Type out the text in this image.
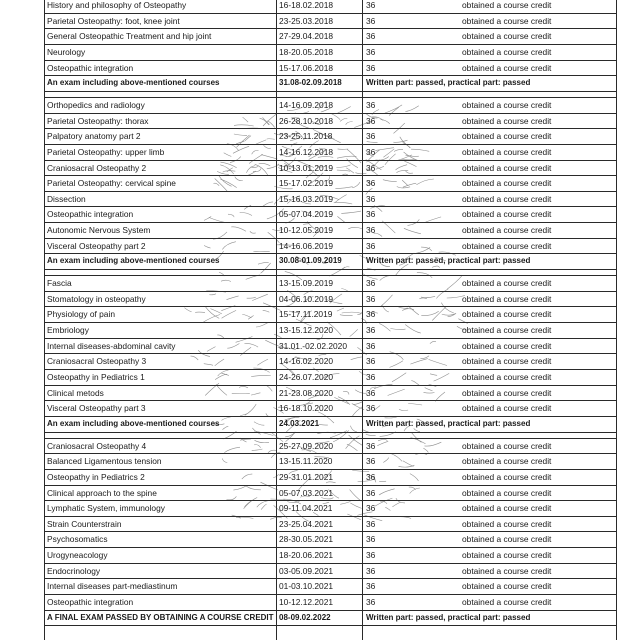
History and philosophy of Osteopathy	16-18.02.2018	36	obtained a course credit
Parietal Osteopathy: foot, knee joint	23-25.03.2018	36	obtained a course credit
General Osteopathic Treatment and hip joint	27-29.04.2018	36	obtained a course credit
Neurology	18-20.05.2018	36	obtained a course credit
Osteopathic integration	15-17.06.2018	36	obtained a course credit
An exam including above-mentioned courses	31.08-02.09.2018	Written part: passed, practical part: passed
Orthopedics and radiology	14-16.09.2018	36	obtained a course credit
Parietal Osteopathy: thorax	26-28.10.2018	36	obtained a course credit
Palpatory anatomy part 2	23-25.11.2018	36	obtained a course credit
Parietal Osteopathy: upper limb	14-16.12.2018	36	obtained a course credit
Craniosacral Osteopathy 2	10-13.01.2019	36	obtained a course credit
Parietal Osteopathy: cervical spine	15-17.02.2019	36	obtained a course credit
Dissection	15-16.03.2019	36	obtained a course credit
Osteopathic integration	05-07.04.2019	36	obtained a course credit
Autonomic Nervous System	10-12.05.2019	36	obtained a course credit
Visceral Osteopathy part 2	14-16.06.2019	36	obtained a course credit
An exam including above-mentioned courses	30.08-01.09.2019	Written part: passed, practical part: passed
Fascia	13-15.09.2019	36	obtained a course credit
Stomatology in osteopathy	04-06.10.2019	36	obtained a course credit
Physiology of pain	15-17.11.2019	36	obtained a course credit
Embriology	13-15.12.2020	36	obtained a course credit
Internal diseases-abdominal cavity	31.01.-02.02.2020	36	obtained a course credit
Craniosacral Osteopathy 3	14-16.02.2020	36	obtained a course credit
Osteopathy in Pediatrics 1	24-26.07.2020	36	obtained a course credit
Clinical metods	21-23.08.2020	36	obtained a course credit
Visceral Osteopathy part 3	16-18.10.2020	36	obtained a course credit
An exam including above-mentioned courses	24.03.2021	Written part: passed, practical part: passed
Craniosacral Osteopathy 4	25-27.09.2020	36	obtained a course credit
Balanced Ligamentous tension	13-15.11.2020	36	obtained a course credit
Osteopathy in Pediatrics 2	29-31.01.2021	36	obtained a course credit
Clinical approach to the spine	05-07.03.2021	36	obtained a course credit
Lymphatic System, immunology	09-11.04.2021	36	obtained a course credit
Strain Counterstrain	23-25.04.2021	36	obtained a course credit
Psychosomatics	28-30.05.2021	36	obtained a course credit
Urogyneacology	18-20.06.2021	36	obtained a course credit
Endocrinology	03-05.09.2021	36	obtained a course credit
Internal diseases part-mediastinum	01-03.10.2021	36	obtained a course credit
Osteopathic integration	10-12.12.2021	36	obtained a course credit
A FINAL EXAM PASSED BY OBTAINING A COURSE CREDIT 08-09.02.2022	Written part: passed, practical part: passed
